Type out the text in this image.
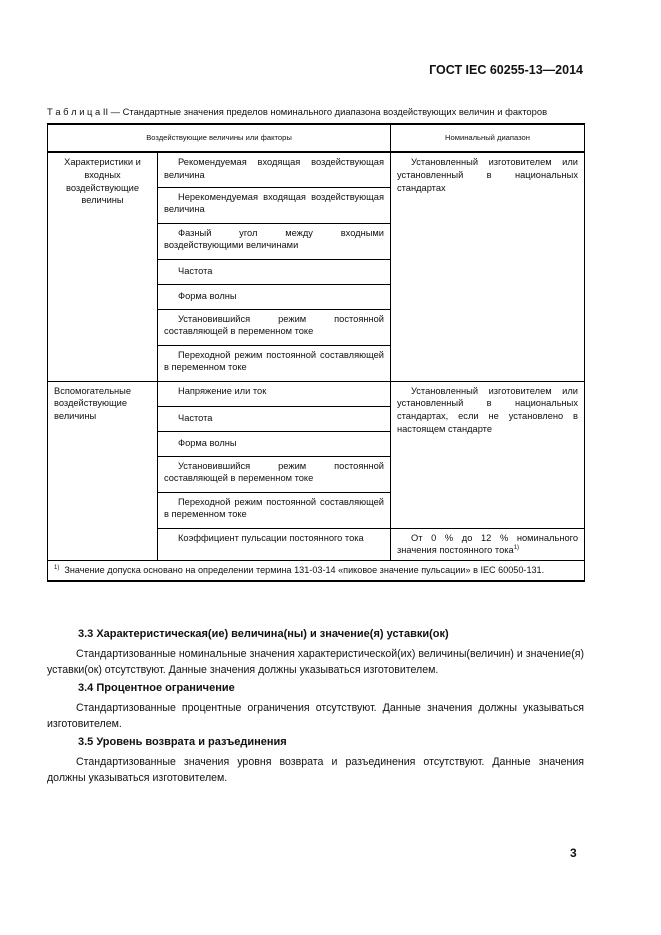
ГОСТ IEC 60255-13—2014
Т а б л и ц а II — Стандартные значения пределов номинального диапазона воздействующих величин и факторов
Воздействующие величины или факторы		Номинальный диапазон
Характеристики и входных воздействующие величины	Рекомендуемая входящая воздействующая величина	Установленный изготовителем или установленный в национальных стандартах

	Нерекомендуемая входящая воздействующая величина	

	Фазный угол между входными воздействующими величинами	

	Частота	

	Форма волны	

	Установившийся режим постоянной составляющей в переменном токе	

	Переходной режим постоянной составляющей в переменном токе	

Вспомогательные воздействующие величины	Напряжение или ток	Установленный изготовителем или установленный в национальных стандартах, если не установлено в настоящем стандарте

	Частота	

	Форма волны	

	Установившийся режим постоянной составляющей в переменном токе	

	Переходной режим постоянной составляющей в переменном токе	

	Коэффициент пульсации постоянного тока	От 0 % до 12 % номинального значения постоянного тока$^{1)}$

$^{1)}$ Значение допуска основано на определении термина 131-03-14 «пиковое значение пульсации» в IEC 60050-131.		
3.3 Характеристическая(ие) величина(ны) и значение(я) уставки(ок)
Стандартизованные номинальные значения характеристической(их) величины(величин) и значение(я) уставки(ок) отсутствуют. Данные значения должны указываться изготовителем.
3.4 Процентное ограничение
Стандартизованные процентные ограничения отсутствуют. Данные значения должны указываться изготовителем.
3.5 Уровень возврата и разъединения
Стандартизованные значения уровня возврата и разъединения отсутствуют. Данные значения должны указываться изготовителем.
3
